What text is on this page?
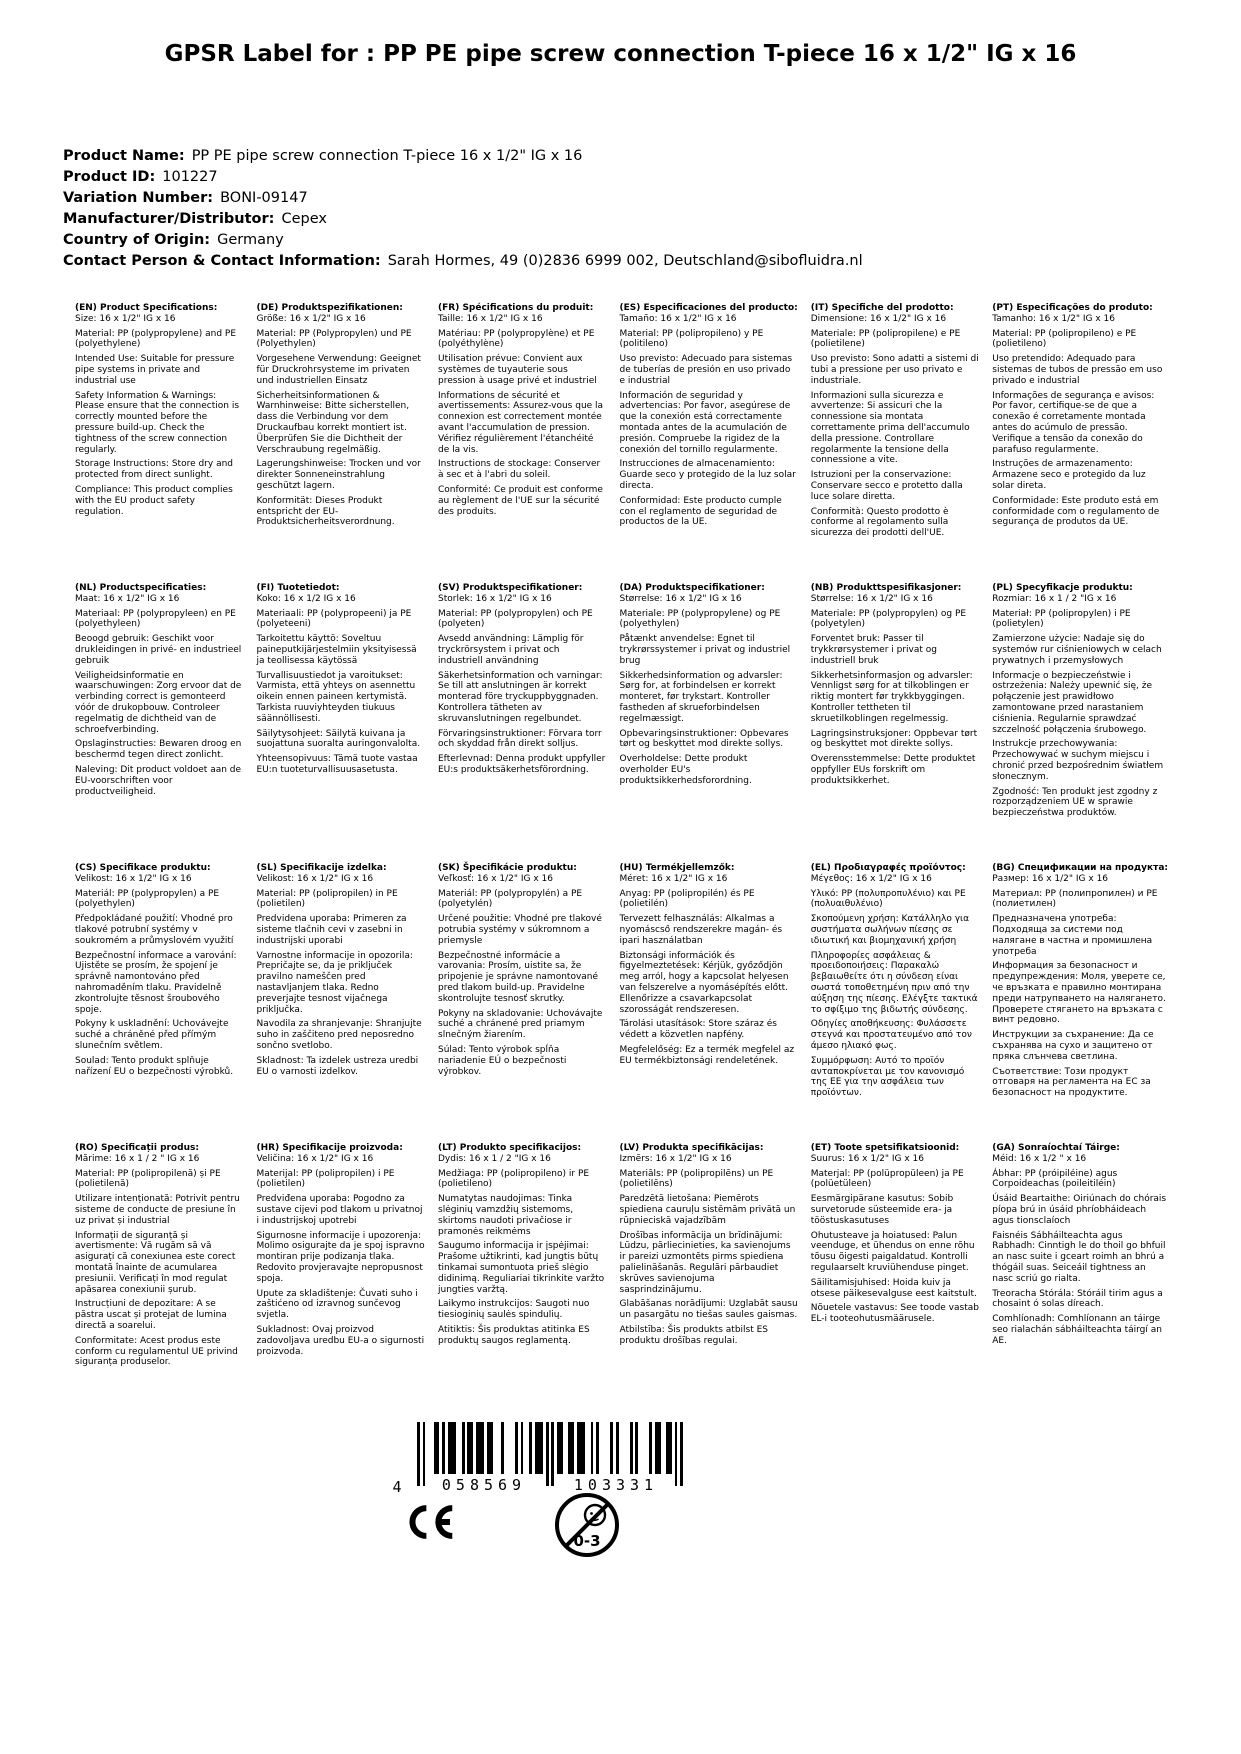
GPSR Label for : PP PE pipe screw connection T-piece 16 x 1/2" IG x 16
Product Name: PP PE pipe screw connection T-piece 16 x 1/2" IG x 16
Product ID: 101227
Variation Number: BONI-09147
Manufacturer/Distributor: Cepex
Country of Origin: Germany
Contact Person & Contact Information: Sarah Hormes, 49 (0)2836 6999 002, Deutschland@sibofluidra.nl
(EN) Product Specifications:

Size: 16 x 1/2" IG x 16

Material: PP (polypropylene) and PE (polyethylene)

Intended Use: Suitable for pressure pipe systems in private and industrial use

Safety Information & Warnings: Please ensure that the connection is correctly mounted before the pressure build-up. Check the tightness of the screw connection regularly.

Storage Instructions: Store dry and protected from direct sunlight.

Compliance: This product complies with the EU product safety regulation.

(DE) Produktspezifikationen:

Größe: 16 x 1/2" IG x 16

Material: PP (Polypropylen) und PE (Polyethylen)

Vorgesehene Verwendung: Geeignet für Druckrohrsysteme im privaten und industriellen Einsatz

Sicherheitsinformationen & Warnhinweise: Bitte sicherstellen, dass die Verbindung vor dem Druckaufbau korrekt montiert ist. Überprüfen Sie die Dichtheit der Verschraubung regelmäßig.

Lagerungshinweise: Trocken und vor direkter Sonneneinstrahlung geschützt lagern.

Konformität: Dieses Produkt entspricht der EU-Produktsicherheitsverordnung.

(FR) Spécifications du produit:

Taille: 16 x 1/2" IG x 16

Matériau: PP (polypropylène) et PE (polyéthylène)

Utilisation prévue: Convient aux systèmes de tuyauterie sous pression à usage privé et industriel

Informations de sécurité et avertissements: Assurez-vous que la connexion est correctement montée avant l'accumulation de pression. Vérifiez régulièrement l'étanchéité de la vis.

Instructions de stockage: Conserver à sec et à l'abri du soleil.

Conformité: Ce produit est conforme au règlement de l'UE sur la sécurité des produits.

(ES) Especificaciones del producto:

Tamaño: 16 x 1/2" IG x 16

Material: PP (polipropileno) y PE (politileno)

Uso previsto: Adecuado para sistemas de tuberías de presión en uso privado e industrial

Información de seguridad y advertencias: Por favor, asegúrese de que la conexión está correctamente montada antes de la acumulación de presión. Compruebe la rigidez de la conexión del tornillo regularmente.

Instrucciones de almacenamiento: Guarde seco y protegido de la luz solar directa.

Conformidad: Este producto cumple con el reglamento de seguridad de productos de la UE.

(IT) Specifiche del prodotto:

Dimensione: 16 x 1/2" IG x 16

Materiale: PP (polipropilene) e PE (polietilene)

Uso previsto: Sono adatti a sistemi di tubi a pressione per uso privato e industriale.

Informazioni sulla sicurezza e avvertenze: Si assicuri che la connessione sia montata correttamente prima dell'accumulo della pressione. Controllare regolarmente la tensione della connessione a vite.

Istruzioni per la conservazione: Conservare secco e protetto dalla luce solare diretta.

Conformità: Questo prodotto è conforme al regolamento sulla sicurezza dei prodotti dell'UE.

(PT) Especificações do produto:

Tamanho: 16 x 1/2" IG x 16

Material: PP (polipropileno) e PE (polietileno)

Uso pretendido: Adequado para sistemas de tubos de pressão em uso privado e industrial

Informações de segurança e avisos: Por favor, certifique-se de que a conexão é corretamente montada antes do acúmulo de pressão. Verifique a tensão da conexão do parafuso regularmente.

Instruções de armazenamento: Armazene seco e protegido da luz solar direta.

Conformidade: Este produto está em conformidade com o regulamento de segurança de produtos da UE.

(NL) Productspecificaties:

Maat: 16 x 1/2" IG x 16

Materiaal: PP (polypropyleen) en PE (polyethyleen)

Beoogd gebruik: Geschikt voor drukleidingen in privé- en industrieel gebruik

Veiligheidsinformatie en waarschuwingen: Zorg ervoor dat de verbinding correct is gemonteerd vóór de drukopbouw. Controleer regelmatig de dichtheid van de schroefverbinding.

Opslaginstructies: Bewaren droog en beschermd tegen direct zonlicht.

Naleving: Dit product voldoet aan de EU-voorschriften voor productveiligheid.

(FI) Tuotetiedot:

Koko: 16 x 1/2 IG x 16

Materiaali: PP (polypropeeni) ja PE (polyeteeni)

Tarkoitettu käyttö: Soveltuu paineputkijärjestelmiin yksityisessä ja teollisessa käytössä

Turvallisuustiedot ja varoitukset: Varmista, että yhteys on asennettu oikein ennen paineen kertymistä. Tarkista ruuviyhteyden tiukuus säännöllisesti.

Säilytysohjeet: Säilytä kuivana ja suojattuna suoralta auringonvalolta.

Yhteensopivuus: Tämä tuote vastaa EU:n tuoteturvallisuusasetusta.

(SV) Produktspecifikationer:

Storlek: 16 x 1/2" IG x 16

Material: PP (polypropylen) och PE (polyeten)

Avsedd användning: Lämplig för tryckrörsystem i privat och industriell användning

Säkerhetsinformation och varningar: Se till att anslutningen är korrekt monterad före tryckuppbyggnaden. Kontrollera tätheten av skruvanslutningen regelbundet.

Förvaringsinstruktioner: Förvara torr och skyddad från direkt solljus.

Efterlevnad: Denna produkt uppfyller EU:s produktsäkerhetsförordning.

(DA) Produktspecifikationer:

Størrelse: 16 x 1/2" IG x 16

Materiale: PP (polypropylene) og PE (polyethylen)

Påtænkt anvendelse: Egnet til trykrørssystemer i privat og industriel brug

Sikkerhedsinformation og advarsler: Sørg for, at forbindelsen er korrekt monteret, før trykstart. Kontroller fastheden af skrueforbindelsen regelmæssigt.

Opbevaringsinstruktioner: Opbevares tørt og beskyttet mod direkte sollys.

Overholdelse: Dette produkt overholder EU's produktsikkerhedsforordning.

(NB) Produkttspesifikasjoner:

Størrelse: 16 x 1/2" IG x 16

Materiale: PP (polypropylen) og PE (polyetylen)

Forventet bruk: Passer til trykkrørsystemer i privat og industriell bruk

Sikkerhetsinformasjon og advarsler: Vennligst sørg for at tilkoblingen er riktig montert før trykkbyggingen. Kontroller tettheten til skruetilkoblingen regelmessig.

Lagringsinstruksjoner: Oppbevar tørt og beskyttet mot direkte sollys.

Overensstemmelse: Dette produktet oppfyller EUs forskrift om produktsikkerhet.

(PL) Specyfikacje produktu:

Rozmiar: 16 x 1 / 2 "IG x 16

Materiał: PP (polipropylen) i PE (polietylen)

Zamierzone użycie: Nadaje się do systemów rur ciśnieniowych w celach prywatnych i przemysłowych

Informacje o bezpieczeństwie i ostrzeżenia: Należy upewnić się, że połączenie jest prawidłowo zamontowane przed narastaniem ciśnienia. Regularnie sprawdzać szczelność połączenia śrubowego.

Instrukcje przechowywania: Przechowywać w suchym miejscu i chronić przed bezpośrednim światłem słonecznym.

Zgodność: Ten produkt jest zgodny z rozporządzeniem UE w sprawie bezpieczeństwa produktów.

(CS) Specifikace produktu:

Velikost: 16 x 1/2" IG x 16

Materiál: PP (polypropylen) a PE (polyethylen)

Předpokládané použití: Vhodné pro tlakové potrubní systémy v soukromém a průmyslovém využití

Bezpečnostní informace a varování: Ujistěte se prosím, že spojení je správně namontováno před nahromaděním tlaku. Pravidelně zkontrolujte těsnost šroubového spoje.

Pokyny k uskladnění: Uchovávejte suché a chráněné před přímým slunečním světlem.

Soulad: Tento produkt splňuje nařízení EU o bezpečnosti výrobků.

(SL) Specifikacije izdelka:

Velikost: 16 x 1/2" IG x 16

Material: PP (polipropilen) in PE (polietilen)

Predvidena uporaba: Primeren za sisteme tlačnih cevi v zasebni in industrijski uporabi

Varnostne informacije in opozorila: Prepričajte se, da je priključek pravilno nameščen pred nastavljanjem tlaka. Redno preverjajte tesnost vijačnega priključka.

Navodila za shranjevanje: Shranjujte suho in zaščiteno pred neposredno sončno svetlobo.

Skladnost: Ta izdelek ustreza uredbi EU o varnosti izdelkov.

(SK) Špecifikácie produktu:

Veľkosť: 16 x 1/2" IG x 16

Materiál: PP (polypropylén) a PE (polyetylén)

Určené použitie: Vhodné pre tlakové potrubia systémy v súkromnom a priemysle

Bezpečnostné informácie a varovania: Prosím, uistite sa, že pripojenie je správne namontované pred tlakom build-up. Pravidelne skontrolujte tesnosť skrutky.

Pokyny na skladovanie: Uchovávajte suché a chránené pred priamym slnečným žiarením.

Súlad: Tento výrobok spĺňa nariadenie EÚ o bezpečnosti výrobkov.

(HU) Termékjellemzők:

Méret: 16 x 1/2" IG x 16

Anyag: PP (polipropilén) és PE (polietilén)

Tervezett felhasználás: Alkalmas a nyomáscső rendszerekre magán- és ipari használatban

Biztonsági információk és figyelmeztetések: Kérjük, győződjön meg arról, hogy a kapcsolat helyesen van felszerelve a nyomásépítés előtt. Ellenőrizze a csavarkapcsolat szorosságát rendszeresen.

Tárolási utasítások: Store száraz és védett a közvetlen napfény.

Megfelelőség: Ez a termék megfelel az EU termékbiztonsági rendeletének.

(EL) Προδιαγραφές προϊόντος:

Μέγεθος: 16 x 1/2" IG x 16

Υλικό: PP (πολυπροπυλένιο) και PE (πολυαιθυλένιο)

Σκοπούμενη χρήση: Κατάλληλο για συστήματα σωλήνων πίεσης σε ιδιωτική και βιομηχανική χρήση

Πληροφορίες ασφάλειας & προειδοποιήσεις: Παρακαλώ βεβαιωθείτε ότι η σύνδεση είναι σωστά τοποθετημένη πριν από την αύξηση της πίεσης. Ελέγξτε τακτικά το σφίξιμο της βιδωτής σύνδεσης.

Οδηγίες αποθήκευσης: Φυλάσσετε στεγνά και προστατευμένο από τον άμεσο ηλιακό φως.

Συμμόρφωση: Αυτό το προϊόν ανταποκρίνεται με τον κανονισμό της ΕΕ για την ασφάλεια των προϊόντων.

(BG) Спецификации на продукта:

Размер: 16 x 1/2" IG x 16

Материал: PP (полипропилен) и PE (полиетилен)

Предназначена употреба: Подходяща за системи под налягане в частна и промишлена употреба

Информация за безопасност и предупреждения: Моля, уверете се, че връзката е правилно монтирана преди натрупването на налягането. Проверете стягането на връзката с винт редовно.

Инструкции за съхранение: Да се съхранява на сухо и защитено от пряка слънчева светлина.

Съответствие: Този продукт отговаря на регламента на ЕС за безопасност на продуктите.

(RO) Specificații produs:

Mărime: 16 x 1 / 2 " IG x 16

Material: PP (polipropilenă) și PE (polietilenă)

Utilizare intenționată: Potrivit pentru sisteme de conducte de presiune în uz privat și industrial

Informații de siguranță și avertismente: Vă rugăm să vă asigurați că conexiunea este corect montată înainte de acumularea presiunii. Verificați în mod regulat apăsarea conexiunii șurub.

Instrucțiuni de depozitare: A se păstra uscat și protejat de lumina directă a soarelui.

Conformitate: Acest produs este conform cu regulamentul UE privind siguranța produselor.

(HR) Specifikacije proizvoda:

Veličina: 16 x 1/2" IG x 16

Materijal: PP (polipropilen) i PE (polietilen)

Predviđena uporaba: Pogodno za sustave cijevi pod tlakom u privatnoj i industrijskoj upotrebi

Sigurnosne informacije i upozorenja: Molimo osigurajte da je spoj ispravno montiran prije podizanja tlaka. Redovito provjeravajte nepropusnost spoja.

Upute za skladištenje: Čuvati suho i zaštićeno od izravnog sunčevog svjetla.

Sukladnost: Ovaj proizvod zadovoljava uredbu EU-a o sigurnosti proizvoda.

(LT) Produkto specifikacijos:

Dydis: 16 x 1 / 2 "IG x 16

Medžiaga: PP (polipropileno) ir PE (polietileno)

Numatytas naudojimas: Tinka slėginių vamzdžių sistemoms, skirtoms naudoti privačiose ir pramonės reikmėms

Saugumo informacija ir įspėjimai: Prašome užtikrinti, kad jungtis būtų tinkamai sumontuota prieš slėgio didinimą. Reguliariai tikrinkite varžto jungties varžtą.

Laikymo instrukcijos: Saugoti nuo tiesioginių saulės spindulių.

Atitiktis: Šis produktas atitinka ES produktų saugos reglamentą.

(LV) Produkta specifikācijas:

Izmērs: 16 x 1/2" IG x 16

Materiāls: PP (polipropilēns) un PE (polietilēns)

Paredzētā lietošana: Piemērots spiediena cauruļu sistēmām privātā un rūpnieciskā vajadzībām

Drošības informācija un brīdinājumi: Lūdzu, pārliecinieties, ka savienojums ir pareizi uzmontēts pirms spiediena palielināšanās. Regulāri pārbaudiet skrūves savienojuma sasprindzinājumu.

Glabāšanas norādījumi: Uzglabāt sausu un pasargātu no tiešas saules gaismas.

Atbilstība: Šis produkts atbilst ES produktu drošības regulai.

(ET) Toote spetsifikatsioonid:

Suurus: 16 x 1/2" IG x 16

Materjal: PP (polüpropüleen) ja PE (polüetüleen)

Eesmärgipärane kasutus: Sobib survetorude süsteemide era- ja tööstuskasutuses

Ohutusteave ja hoiatused: Palun veenduge, et ühendus on enne rõhu tõusu õigesti paigaldatud. Kontrolli regulaarselt kruviühenduse pinget.

Säilitamisjuhised: Hoida kuiv ja otsese päikesevalguse eest kaitstult.

Nõuetele vastavus: See toode vastab EL-i tooteohutusmäärusele.

(GA) Sonraíochtaí Táirge:

Méid: 16 x 1/2 " x 16

Ábhar: PP (próipiléine) agus Corpoideachas (poileitiléin)

Úsáid Beartaithe: Oiriúnach do chórais píopa brú in úsáid phríobháideach agus tionsclaíoch

Faisnéis Sábháilteachta agus Rabhadh: Cinntigh le do thoil go bhfuil an nasc suite i gceart roimh an bhrú a thógáil suas. Seiceáil tightness an nasc scriú go rialta.

Treoracha Stórála: Stóráil tirim agus a chosaint ó solas díreach.

Comhlíonadh: Comhlíonann an táirge seo rialachán sábháilteachta táirgí an AE.

4	058569	103331
0-3
